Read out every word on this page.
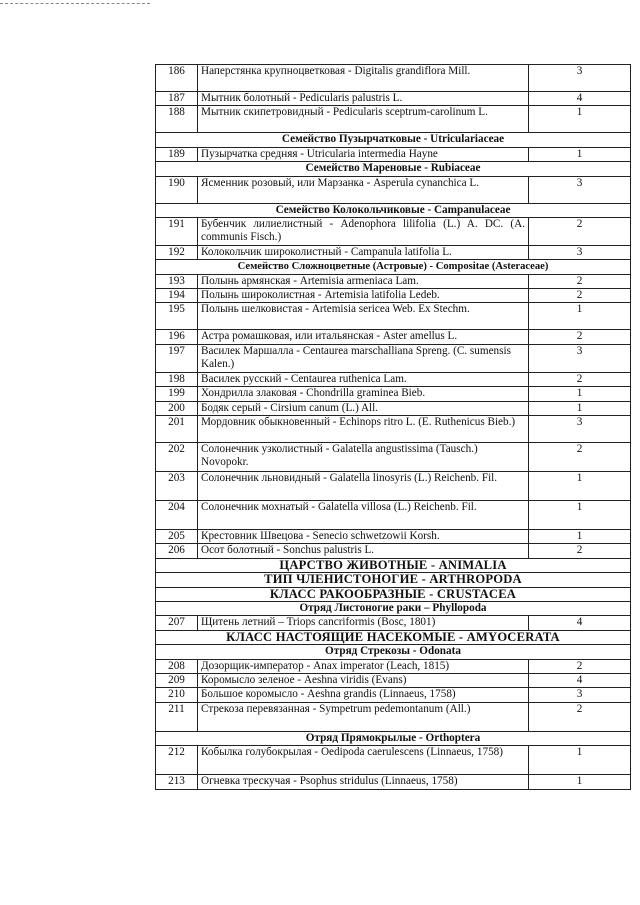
186	Наперстянка крупноцветковая - Digitalis grandiflora Mill.	3
187	Мытник болотный - Pedicularis palustris L.	4
188	Мытник скипетровидный - Pedicularis sceptrum-carolinum L.	1
Семейство Пузырчатковые - Utriculariaceae		
189	Пузырчатка средняя - Utricularia intermedia Hayne	1
Семейство Мареновые - Rubiaceae		
190	Ясменник розовый, или Марзанка - Asperula cynanchica L.	3
Семейство Колокольчиковые - Campanulaceae		
191	Бубенчик лилиелистный - Adenophora lilifolia (L.) A. DC. (A. communis Fisch.)	2
192	Колокольчик широколистный - Campanula latifolia L.	3
Семейство Сложноцветные (Астровые) - Compositae (Asteraceae)		
193	Полынь армянская - Artemisia armeniaca Lam.	2
194	Полынь широколистная - Artemisia latifolia Ledeb.	2
195	Полынь шелковистая - Artemisia sericea Web. Ex Stechm.	1
196	Астра ромашковая, или итальянская - Aster amellus L.	2
197	Василек Маршалла - Centaurea marschalliana Spreng. (C. sumensis Kalen.)	3
198	Василек русский - Centaurea ruthenica Lam.	2
199	Хондрилла злаковая - Chondrilla graminea Bieb.	1
200	Бодяк серый - Cirsium canum (L.) All.	1
201	Мордовник обыкновенный - Echinops ritro L. (E. Ruthenicus Bieb.)	3
202	Солонечник узколистный - Galatella angustissima (Tausch.) Novopokr.	2
203	Солонечник льновидный - Galatella linosyris (L.) Reichenb. Fil.	1
204	Солонечник мохнатый - Galatella villosa (L.) Reichenb. Fil.	1
205	Крестовник Швецова - Senecio schwetzowii Korsh.	1
206	Осот болотный - Sonchus palustris L.	2
ЦАРСТВО ЖИВОТНЫЕ - ANIMALIA		
ТИП ЧЛЕНИСТОНОГИЕ - ARTHROPODA		
КЛАСС РАКООБРАЗНЫЕ - CRUSTACEA		
Отряд Листоногие раки – Phyllopoda		
207	Щитень летний – Triops cancriformis (Bosc, 1801)	4
КЛАСС НАСТОЯЩИЕ НАСЕКОМЫЕ - AMYOCERATA		
Отряд Стрекозы - Odonata		
208	Дозорщик-император - Anax imperator (Leach, 1815)	2
209	Коромысло зеленое - Aeshna viridis (Evans)	4
210	Большое коромысло - Aeshna grandis (Linnaeus, 1758)	3
211	Стрекоза перевязанная - Sympetrum pedemontanum (All.)	2
Отряд Прямокрылые - Orthoptera		
212	Кобылка голубокрылая - Oedipoda caerulescens (Linnaeus, 1758)	1
213	Огневка трескучая - Psophus stridulus (Linnaeus, 1758)	1
